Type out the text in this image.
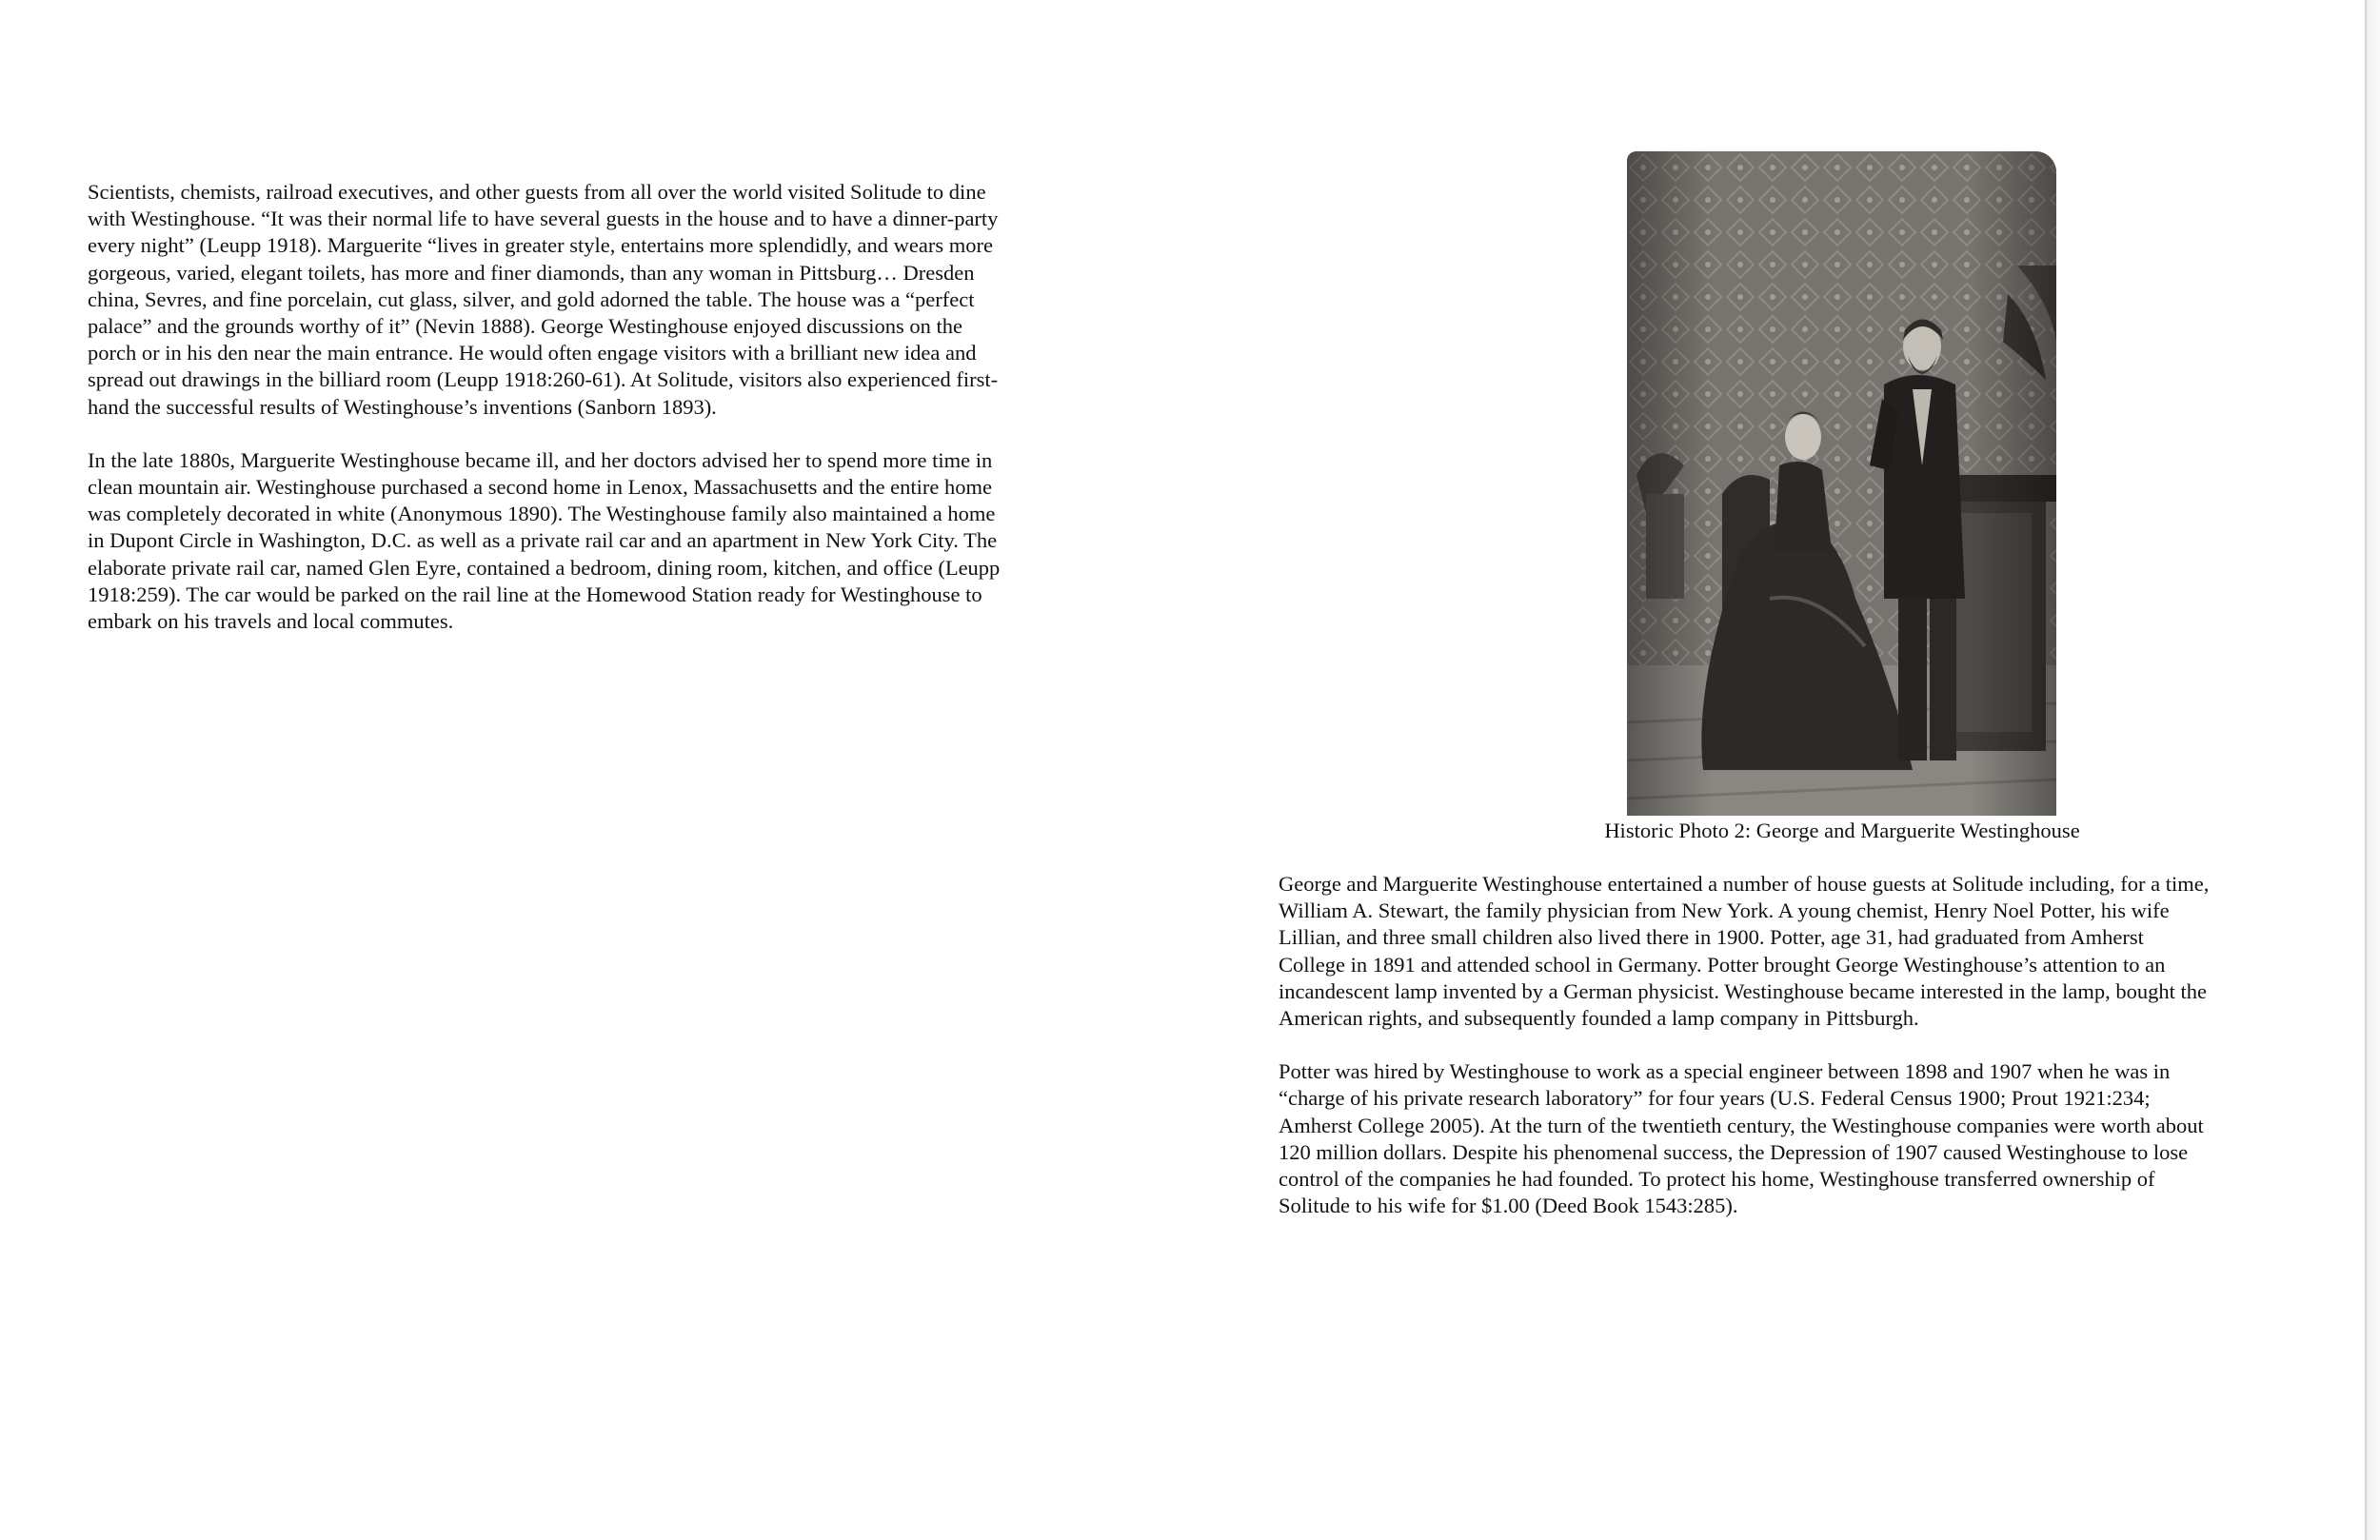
Scientists, chemists, railroad executives, and other guests from all over the world visited Solitude to dine with Westinghouse. “It was their normal life to have several guests in the house and to have a dinner-party every night” (Leupp 1918). Marguerite “lives in greater style, entertains more splendidly, and wears more gorgeous, varied, elegant toilets, has more and finer diamonds, than any woman in Pittsburg… Dresden china, Sevres, and fine porcelain, cut glass, silver, and gold adorned the table. The house was a “perfect palace” and the grounds worthy of it” (Nevin 1888). George Westinghouse enjoyed discussions on the porch or in his den near the main entrance. He would often engage visitors with a brilliant new idea and spread out drawings in the billiard room (Leupp 1918:260-61). At Solitude, visitors also experienced first-hand the successful results of Westinghouse’s inventions (Sanborn 1893).

In the late 1880s, Marguerite Westinghouse became ill, and her doctors advised her to spend more time in clean mountain air. Westinghouse purchased a second home in Lenox, Massachusetts and the entire home was completely decorated in white (Anonymous 1890). The Westinghouse family also maintained a home in Dupont Circle in Washington, D.C. as well as a private rail car and an apartment in New York City. The elaborate private rail car, named Glen Eyre, contained a bedroom, dining room, kitchen, and office (Leupp 1918:259). The car would be parked on the rail line at the Homewood Station ready for Westinghouse to embark on his travels and local commutes.

Historic Photo 2: George and Marguerite Westinghouse

George and Marguerite Westinghouse entertained a number of house guests at Solitude including, for a time, William A. Stewart, the family physician from New York. A young chemist, Henry Noel Potter, his wife Lillian, and three small children also lived there in 1900. Potter, age 31, had graduated from Amherst College in 1891 and attended school in Germany. Potter brought George Westinghouse’s attention to an incandescent lamp invented by a German physicist. Westinghouse became interested in the lamp, bought the American rights, and subsequently founded a lamp company in Pittsburgh.

Potter was hired by Westinghouse to work as a special engineer between 1898 and 1907 when he was in “charge of his private research laboratory” for four years (U.S. Federal Census 1900; Prout 1921:234; Amherst College 2005). At the turn of the twentieth century, the Westinghouse companies were worth about 120 million dollars. Despite his phenomenal success, the Depression of 1907 caused Westinghouse to lose control of the companies he had founded. To protect his home, Westinghouse transferred ownership of Solitude to his wife for $1.00 (Deed Book 1543:285).
